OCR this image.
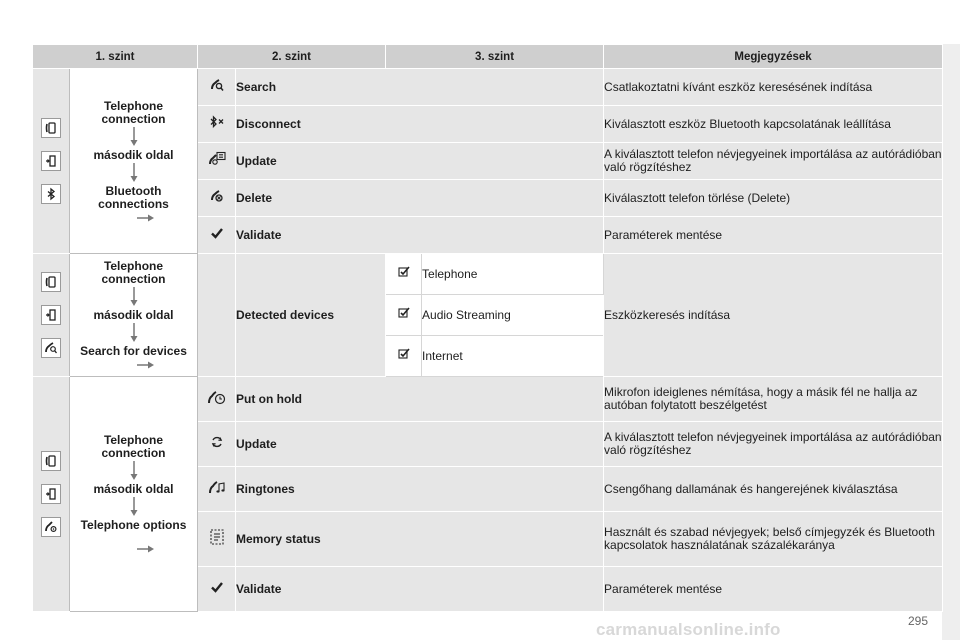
1. szint		2. szint		3. szint		Megjegyzések

Telephone
connection
második oldal
Bluetooth
connections		Search			Csatlakoztatni kívánt eszköz keresésének indítása
	Disconnect			Kiválasztott eszköz Bluetooth kapcsolatának leállítása
	Update			A kiválasztott telefon névjegyeinek importálása az autórádióban való rögzítéshez
	Delete			Kiválasztott telefon törlése (Delete)
	Validate			Paraméterek mentése

Telephone
connection
második oldal
Search for devices		Detected devices		Telephone	Eszközkeresés indítása
	Audio Streaming	
	Internet	

Telephone
connection
második oldal
Telephone options		Put on hold			Mikrofon ideiglenes némítása, hogy a másik fél ne hallja az autóban folytatott beszélgetést
	Update			A kiválasztott telefon névjegyeinek importálása az autórádióban való rögzítéshez
	Ringtones			Csengőhang dallamának és hangerejének kiválasztása
	Memory status			Használt és szabad névjegyek; belső címjegyzék és Bluetooth kapcsolatok használatának százalékaránya
	Validate			Paraméterek mentése
carmanualsonline.info	295
